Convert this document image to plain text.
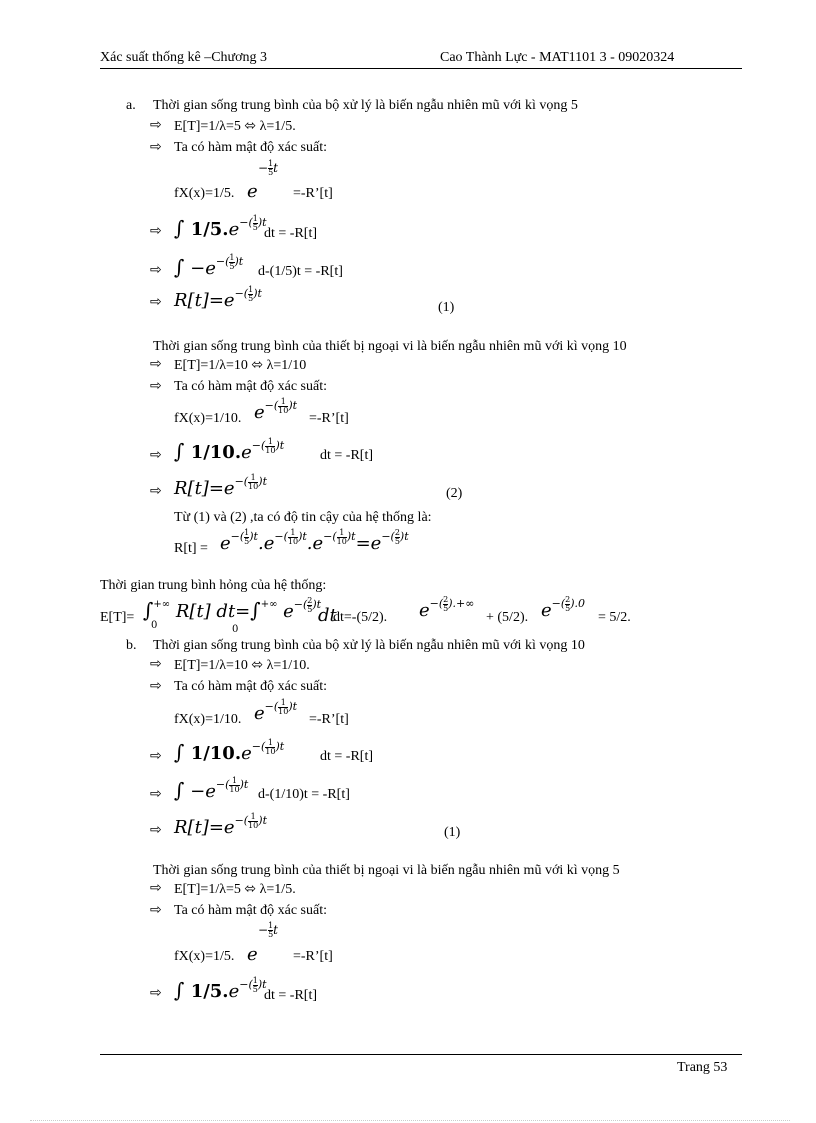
Xác suất thống kê –Chương 3	Cao Thành Lực - MAT1101 3 - 09020324
a. Thời gian sống trung bình của bộ xử lý là biến ngẫu nhiên mũ với kì vọng 5
⇨ E[T]=1/λ=5 ⬄ λ=1/5.
⇨ Ta có hàm mật độ xác suất:
− $\frac{1}{5}$ t
fX(x)=1/5. e	=-R’[t]
⇨ ∫ $1/5.e^{-( \frac{1}{5} )t}$
dt = -R[t]
⇨ ∫ $-e^{-( \frac{1}{5} )t}$
d-(1/5)t = -R[t]
⇨ $R[t]=e^{-( \frac{1}{5} )t}$
(1)
Thời gian sống trung bình của thiết bị ngoại vi là biến ngẫu nhiên mũ với kì vọng 10
⇨ E[T]=1/λ=10 ⬄ λ=1/10
⇨ Ta có hàm mật độ xác suất:
fX(x)=1/10. $e^{-( \frac{1}{10} )t}$
=-R’[t]
⇨ ∫ $1/10.e^{-( \frac{1}{10} )t}$
dt = -R[t]
⇨ $R[t]=e^{-( \frac{1}{10} )t}$
(2)
Từ (1) và (2) ,ta có độ tin cậy của hệ thống là:
$R[t] = e^{-( \frac{1}{5} )t}.e^{-( \frac{1}{10} )t}.e^{-( \frac{1}{10} )t}=e^{-( \frac{2}{5} )t}$
Thời gian trung bình hỏng của hệ thống:
E[T]= ∫+∞
0
R[t] dt=∫+∞ $e^{-( \frac{2}{5} )t}$
0
dt
dt=-(5/2). $e^{-( \frac{2}{5} ).+\infty}$
+ (5/2). $e^{-( \frac{2}{5} ).0}$
= 5/2.
b. Thời gian sống trung bình của bộ xử lý là biến ngẫu nhiên mũ với kì vọng 10
⇨ E[T]=1/λ=10 ⬄ λ=1/10.
⇨ Ta có hàm mật độ xác suất:
fX(x)=1/10. $e^{-( \frac{1}{10} )t}$
=-R’[t]
⇨ ∫ $1/10.e^{-( \frac{1}{10} )t}$
dt = -R[t]
⇨ ∫ $-e^{-( \frac{1}{10} )t}$
d-(1/10)t = -R[t]
⇨ $R[t]=e^{-( \frac{1}{10} )t}$
(1)
Thời gian sống trung bình của thiết bị ngoại vi là biến ngẫu nhiên mũ với kì vọng 5
⇨ E[T]=1/λ=5 ⬄ λ=1/5.
⇨ Ta có hàm mật độ xác suất:
− $\frac{1}{5}$ t
fX(x)=1/5. e	=-R’[t]
⇨ ∫ $1/5.e^{-( \frac{1}{5} )t}$
dt = -R[t]
Trang 53
